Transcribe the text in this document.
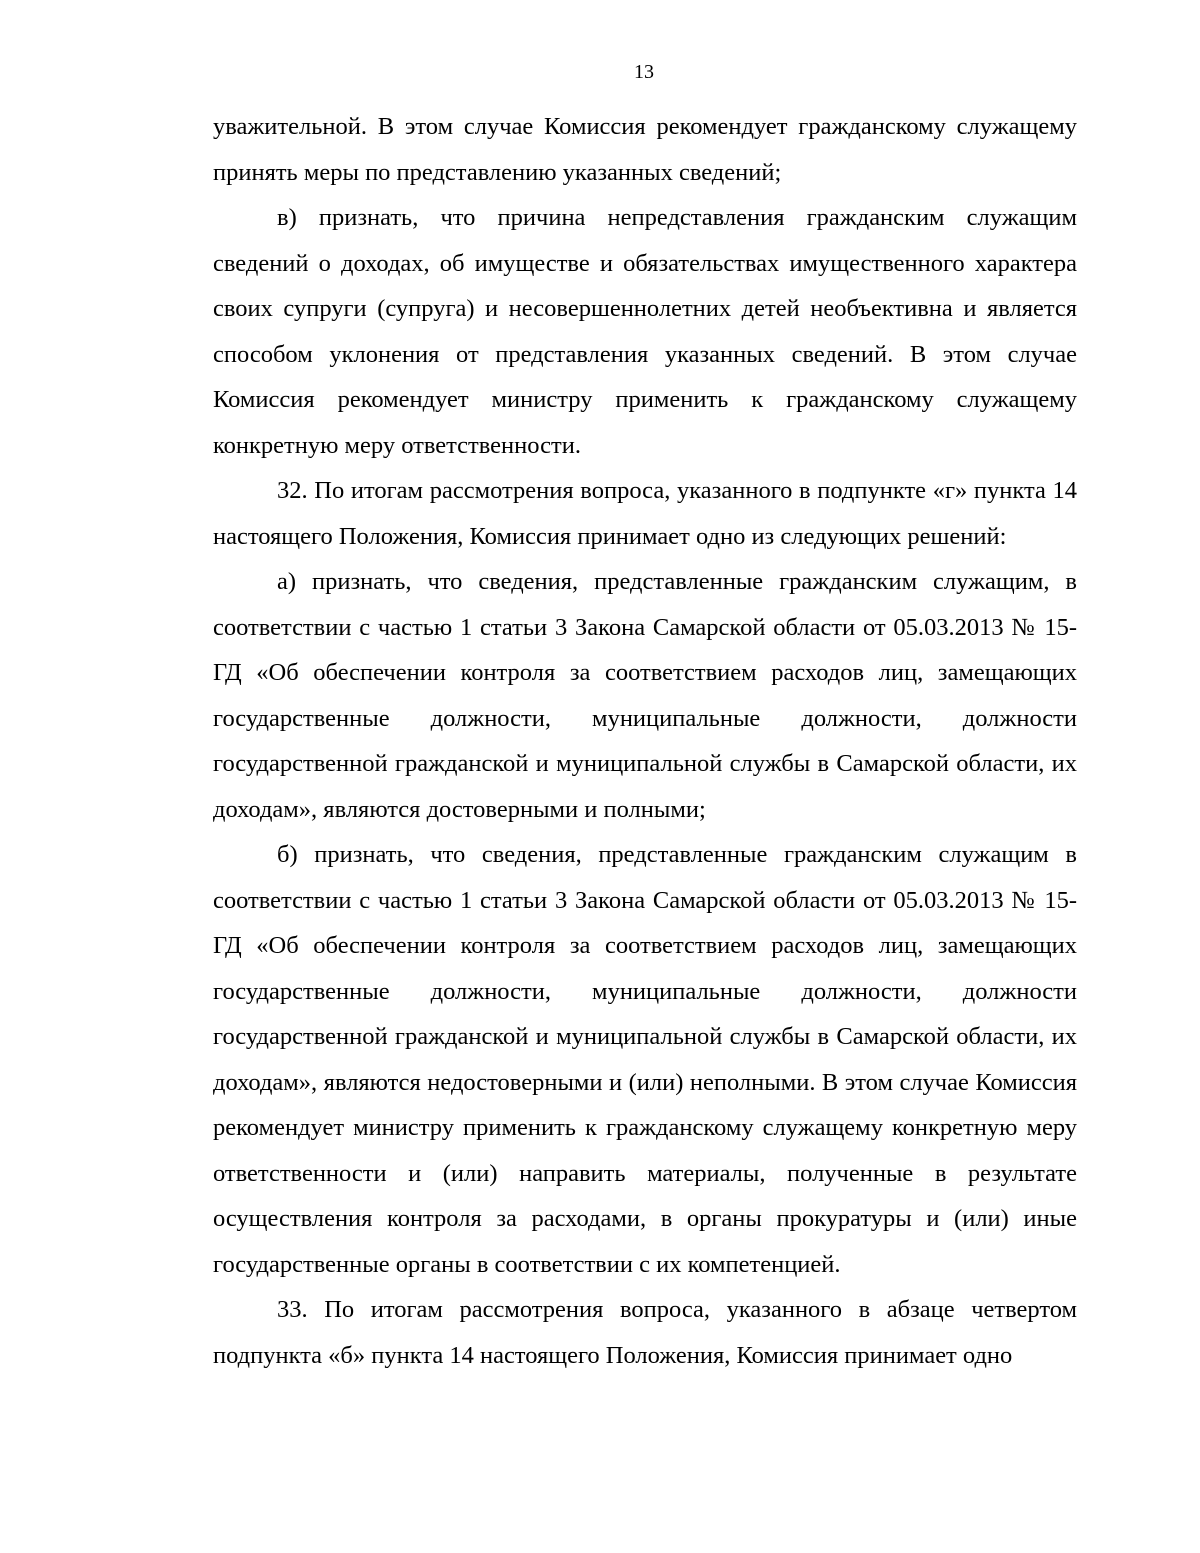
13

уважительной. В этом случае Комиссия рекомендует гражданскому служащему принять меры по представлению указанных сведений;

в) признать, что причина непредставления гражданским служащим сведений о доходах, об имуществе и обязательствах имущественного характера своих супруги (супруга) и несовершеннолетних детей необъективна и является способом уклонения от представления указанных сведений. В этом случае Комиссия рекомендует министру применить к гражданскому служащему конкретную меру ответственности.

32. По итогам рассмотрения вопроса, указанного в подпункте «г» пункта 14 настоящего Положения, Комиссия принимает одно из следующих решений:

а) признать, что сведения, представленные гражданским служащим, в соответствии с частью 1 статьи 3 Закона Самарской области от 05.03.2013 № 15-ГД «Об обеспечении контроля за соответствием расходов лиц, замещающих государственные должности, муниципальные должности, должности государственной гражданской и муниципальной службы в Самарской области, их доходам», являются достоверными и полными;

б) признать, что сведения, представленные гражданским служащим в соответствии с частью 1 статьи 3 Закона Самарской области от 05.03.2013 № 15-ГД «Об обеспечении контроля за соответствием расходов лиц, замещающих государственные должности, муниципальные должности, должности государственной гражданской и муниципальной службы в Самарской области, их доходам», являются недостоверными и (или) неполными. В этом случае Комиссия рекомендует министру применить к гражданскому служащему конкретную меру ответственности и (или) направить материалы, полученные в результате осуществления контроля за расходами, в органы прокуратуры и (или) иные государственные органы в соответствии с их компетенцией.

33. По итогам рассмотрения вопроса, указанного в абзаце четвертом подпункта «б» пункта 14 настоящего Положения, Комиссия принимает одно
